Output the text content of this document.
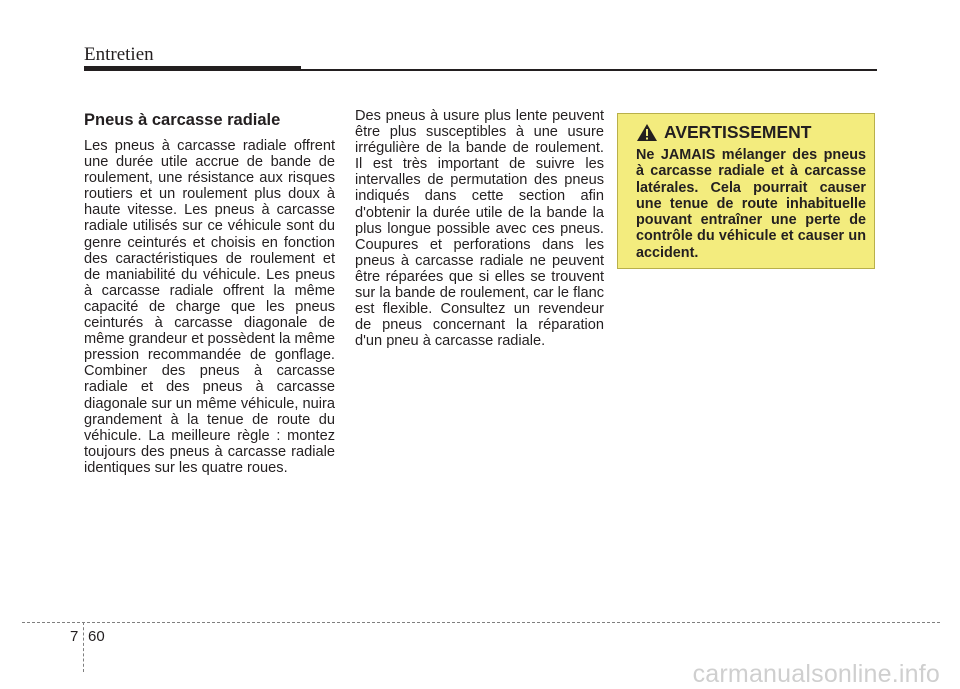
Entretien
Pneus à carcasse radiale

Les pneus à carcasse radiale offrent une durée utile accrue de bande de roulement, une résistance aux risques routiers et un roulement plus doux à haute vitesse. Les pneus à carcasse radiale utilisés sur ce véhicule sont du genre ceinturés et choisis en fonction des caractéristiques de roulement et de maniabilité du véhicule. Les pneus à carcasse radiale offrent la même capacité de charge que les pneus ceinturés à carcasse diagonale de même grandeur et possèdent la même pression recommandée de gonflage. Combiner des pneus à carcasse radiale et des pneus à carcasse diagonale sur un même véhicule, nuira grandement à la tenue de route du véhicule. La meilleure règle : montez toujours des pneus à carcasse radiale identiques sur les quatre roues.

Des pneus à usure plus lente peuvent être plus susceptibles à une usure irrégulière de la bande de roulement. Il est très important de suivre les intervalles de permutation des pneus indiqués dans cette section afin d'obtenir la durée utile de la bande la plus longue possible avec ces pneus. Coupures et perforations dans les pneus à carcasse radiale ne peuvent être réparées que si elles se trouvent sur la bande de roulement, car le flanc est flexible. Consultez un revendeur de pneus concernant la réparation d'un pneu à carcasse radiale.

AVERTISSEMENT

Ne JAMAIS mélanger des pneus à carcasse radiale et à carcasse latérales. Cela pourrait causer une tenue de route inhabituelle pouvant entraîner une perte de contrôle du véhicule et causer un accident.

7 60
carmanualsonline.info
